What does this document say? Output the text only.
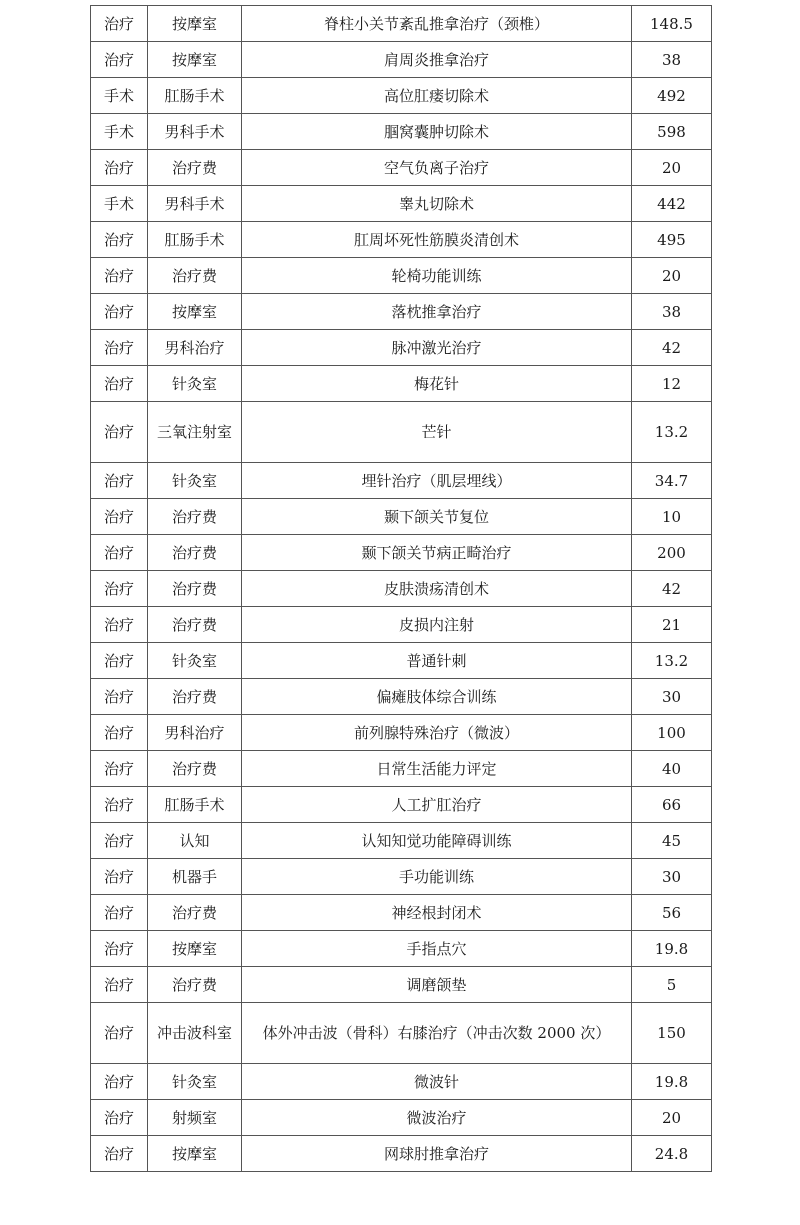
治疗	按摩室	脊柱小关节紊乱推拿治疗（颈椎）	148.5
治疗	按摩室	肩周炎推拿治疗	38
手术	肛肠手术	高位肛瘘切除术	492
手术	男科手术	腘窝囊肿切除术	598
治疗	治疗费	空气负离子治疗	20
手术	男科手术	睾丸切除术	442
治疗	肛肠手术	肛周坏死性筋膜炎清创术	495
治疗	治疗费	轮椅功能训练	20
治疗	按摩室	落枕推拿治疗	38
治疗	男科治疗	脉冲激光治疗	42
治疗	针灸室	梅花针	12
治疗	三氧注射室	芒针	13.2
治疗	针灸室	埋针治疗（肌层埋线）	34.7
治疗	治疗费	颞下颌关节复位	10
治疗	治疗费	颞下颌关节病正畸治疗	200
治疗	治疗费	皮肤溃疡清创术	42
治疗	治疗费	皮损内注射	21
治疗	针灸室	普通针刺	13.2
治疗	治疗费	偏瘫肢体综合训练	30
治疗	男科治疗	前列腺特殊治疗（微波）	100
治疗	治疗费	日常生活能力评定	40
治疗	肛肠手术	人工扩肛治疗	66
治疗	认知	认知知觉功能障碍训练	45
治疗	机器手	手功能训练	30
治疗	治疗费	神经根封闭术	56
治疗	按摩室	手指点穴	19.8
治疗	治疗费	调磨颌垫	5
治疗	冲击波科室	体外冲击波（骨科）右膝治疗（冲击次数 2000 次）	150
治疗	针灸室	微波针	19.8
治疗	射频室	微波治疗	20
治疗	按摩室	网球肘推拿治疗	24.8
